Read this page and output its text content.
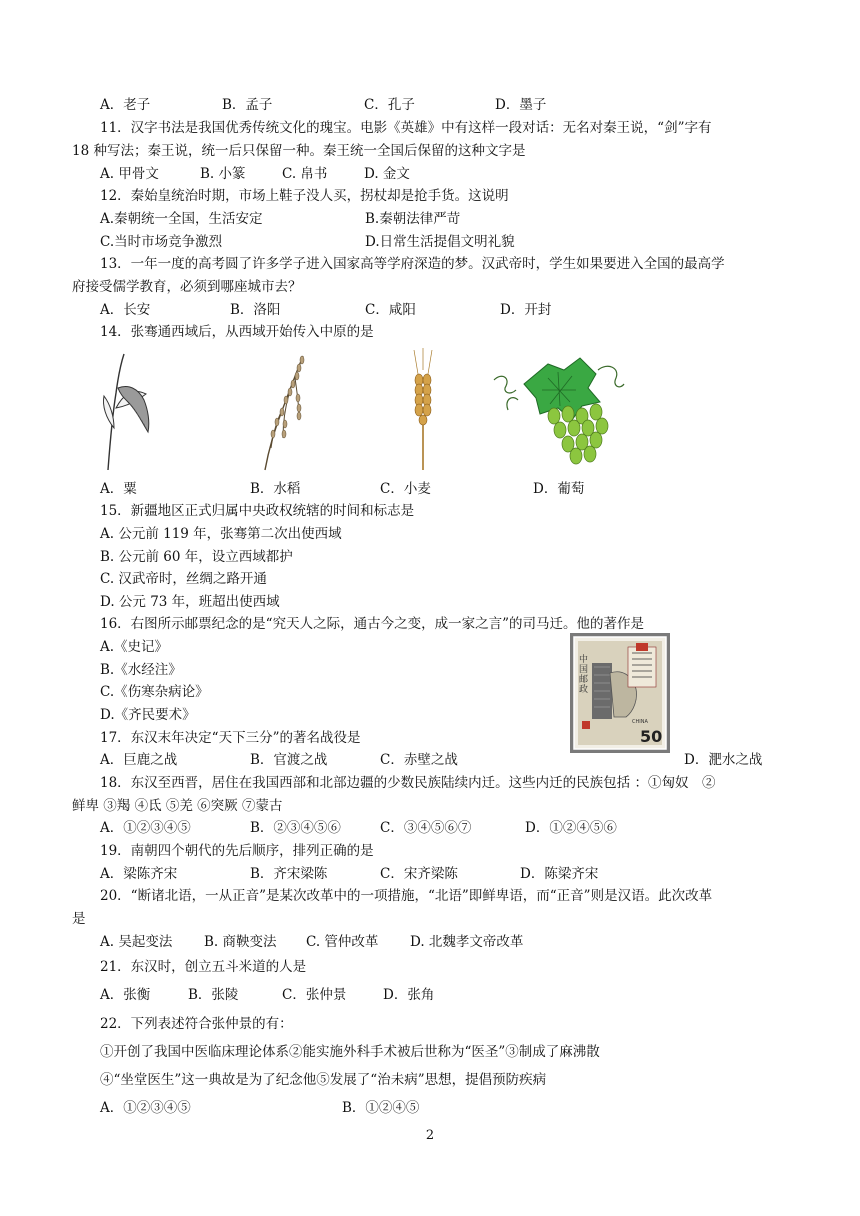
A．老子	B．孟子	C．孔子	D．墨子
11．汉字书法是我国优秀传统文化的瑰宝。电影《英雄》中有这样一段对话：无名对秦王说，“剑”字有
18 种写法；秦王说，统一后只保留一种。秦王统一全国后保留的这种文字是
A. 甲骨文	B. 小篆	C. 帛书	D. 金文
12．秦始皇统治时期，市场上鞋子没人买，拐杖却是抢手货。这说明
A.秦朝统一全国，生活安定	B.秦朝法律严苛
C.当时市场竞争激烈	D.日常生活提倡文明礼貌
13．一年一度的高考圆了许多学子进入国家高等学府深造的梦。汉武帝时，学生如果要进入全国的最高学
府接受儒学教育，必须到哪座城市去？
A．长安	B．洛阳	C．咸阳	D．开封
14．张骞通西域后，从西域开始传入中原的是
A．粟	B．水稻	C．小麦	D．葡萄
15．新疆地区正式归属中央政权统辖的时间和标志是
A. 公元前 119 年，张骞第二次出使西域
B. 公元前 60 年，设立西域都护
C. 汉武帝时，丝绸之路开通
D. 公元 73 年，班超出使西域
16．右图所示邮票纪念的是“究天人之际，通古今之变，成一家之言”的司马迁。他的著作是
A.《史记》
B.《水经注》
C.《伤寒杂病论》
D.《齐民要术》
中国邮政
50
CHINA
17．东汉末年决定“天下三分”的著名战役是
A．巨鹿之战	B．官渡之战	C．赤壁之战	D．淝水之战
18．东汉至西晋，居住在我国西部和北部边疆的少数民族陆续内迁。这些内迁的民族包括 ：①匈奴　②
鲜卑 ③羯 ④氐 ⑤羌 ⑥突厥 ⑦蒙古
A．①②③④⑤	B．②③④⑤⑥	C．③④⑤⑥⑦	D．①②④⑤⑥
19．南朝四个朝代的先后顺序，排列正确的是
A．梁陈齐宋	B．齐宋梁陈	C．宋齐梁陈	D．陈梁齐宋
20．“断诸北语，一从正音”是某次改革中的一项措施，“北语”即鲜卑语，而“正音”则是汉语。此次改革
是
A. 吴起变法 B. 商鞅变法 C. 管仲改革 D. 北魏孝文帝改革
21．东汉时，创立五斗米道的人是
A．张衡	B．张陵	C．张仲景	D．张角
22．下列表述符合张仲景的有：
①开创了我国中医临床理论体系②能实施外科手术被后世称为“医圣”③制成了麻沸散
④“坐堂医生”这一典故是为了纪念他⑤发展了“治未病”思想，提倡预防疾病
A．①②③④⑤	B．①②④⑤
2
